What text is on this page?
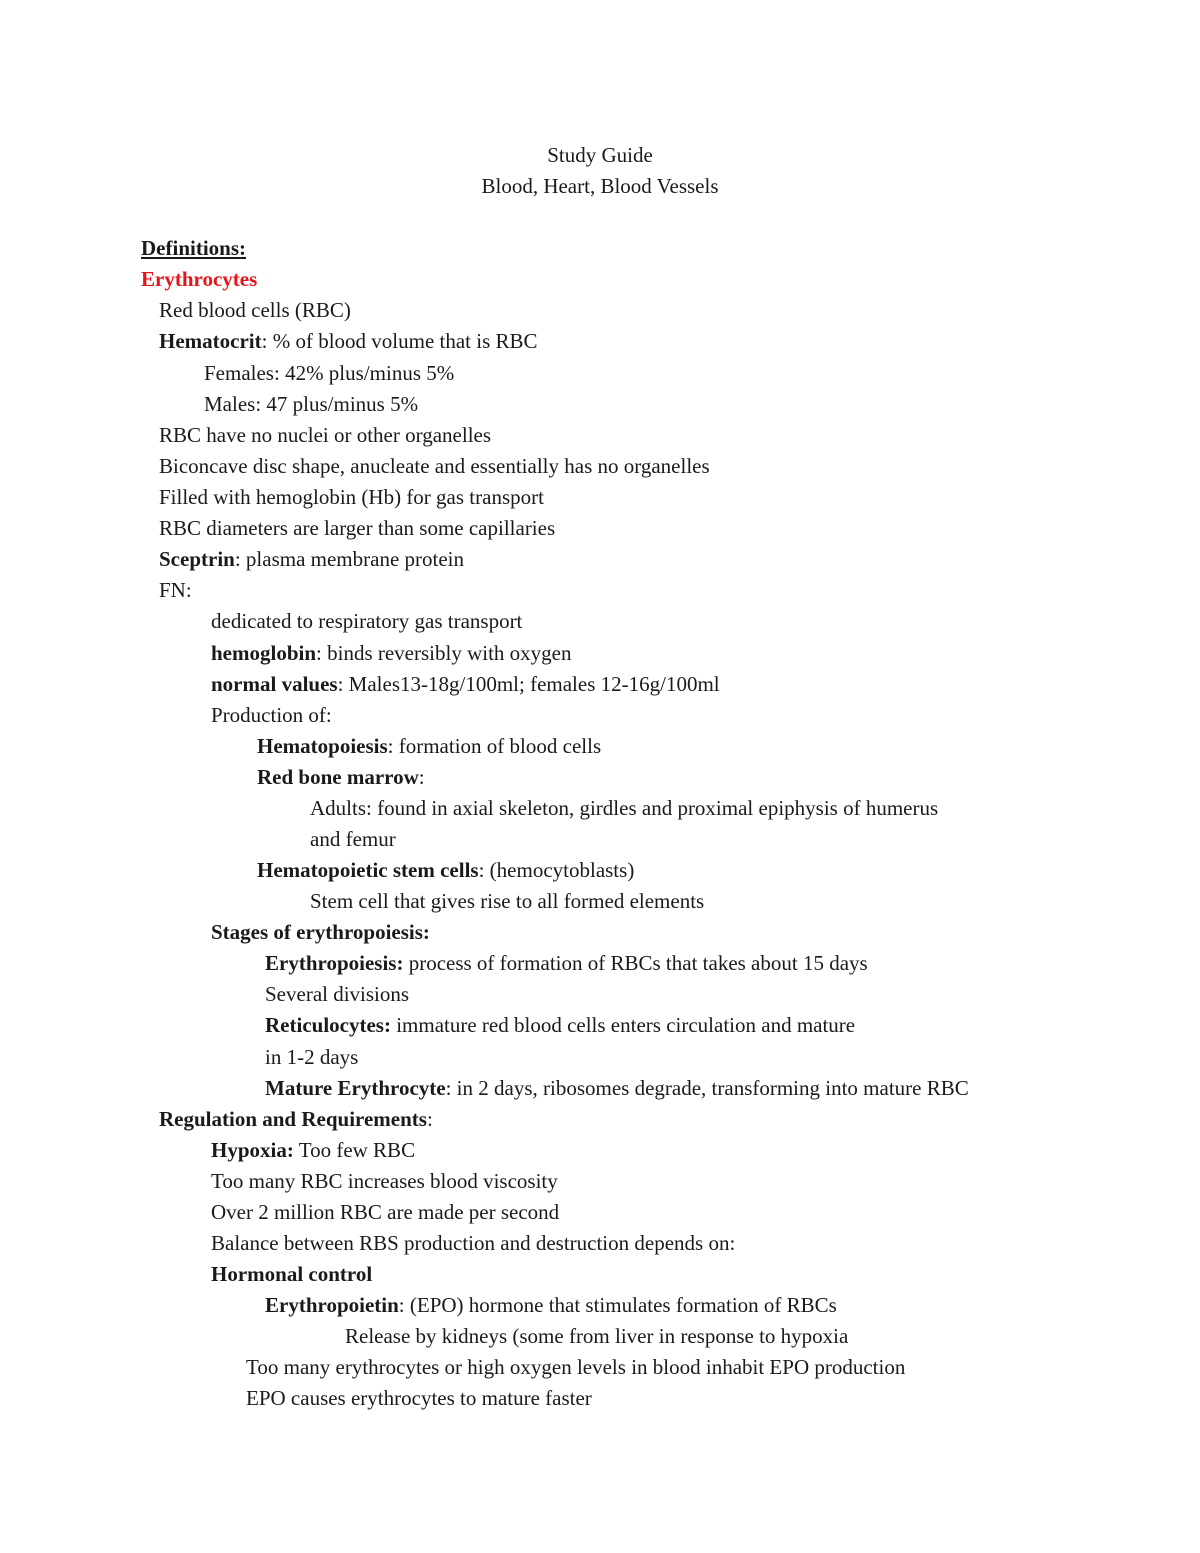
Study Guide
Blood, Heart, Blood Vessels
Definitions:
Erythrocytes
Red blood cells (RBC)
Hematocrit: % of blood volume that is RBC
Females: 42% plus/minus 5%
Males: 47 plus/minus 5%
RBC have no nuclei or other organelles
Biconcave disc shape, anucleate and essentially has no organelles
Filled with hemoglobin (Hb) for gas transport
RBC diameters are larger than some capillaries
Sceptrin: plasma membrane protein
FN:
dedicated to respiratory gas transport
hemoglobin: binds reversibly with oxygen
normal values: Males13-18g/100ml; females 12-16g/100ml
Production of:
Hematopoiesis: formation of blood cells
Red bone marrow:
Adults: found in axial skeleton, girdles and proximal epiphysis of humerus
and femur
Hematopoietic stem cells: (hemocytoblasts)
Stem cell that gives rise to all formed elements
Stages of erythropoiesis:
Erythropoiesis: process of formation of RBCs that takes about 15 days
Several divisions
Reticulocytes: immature red blood cells enters circulation and mature
in 1-2 days
Mature Erythrocyte: in 2 days, ribosomes degrade, transforming into mature RBC
Regulation and Requirements:
Hypoxia: Too few RBC
Too many RBC increases blood viscosity
Over 2 million RBC are made per second
Balance between RBS production and destruction depends on:
Hormonal control
Erythropoietin: (EPO) hormone that stimulates formation of RBCs
Release by kidneys (some from liver in response to hypoxia
Too many erythrocytes or high oxygen levels in blood inhabit EPO production
EPO causes erythrocytes to mature faster
